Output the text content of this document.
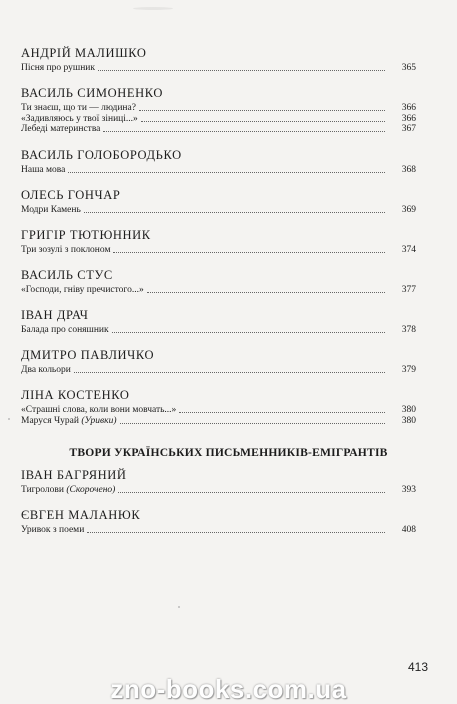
АНДРІЙ МАЛИШКО
Пісня про рушник	365
ВАСИЛЬ СИМОНЕНКО
Ти знаєш, що ти — людина?	366
«Задивляюсь у твої зіниці...»	366
Лебеді материнства	367
ВАСИЛЬ ГОЛОБОРОДЬКО
Наша мова	368
ОЛЕСЬ ГОНЧАР
Модри Камень	369
ГРИГІР ТЮТЮННИК
Три зозулі з поклоном	374
ВАСИЛЬ СТУС
«Господи, гніву пречистого...»	377
ІВАН ДРАЧ
Балада про соняшник	378
ДМИТРО ПАВЛИЧКО
Два кольори	379
ЛІНА КОСТЕНКО
«Страшні слова, коли вони мовчать...»	380
Маруся Чурай
(Уривки)	380
ТВОРИ УКРАЇНСЬКИХ ПИСЬМЕННИКІВ-ЕМІГРАНТІВ
ІВАН БАГРЯНИЙ
Тигролови
(Скорочено)	393
ЄВГЕН МАЛАНЮК
Уривок з поеми	408
413
zno-books.com.ua
